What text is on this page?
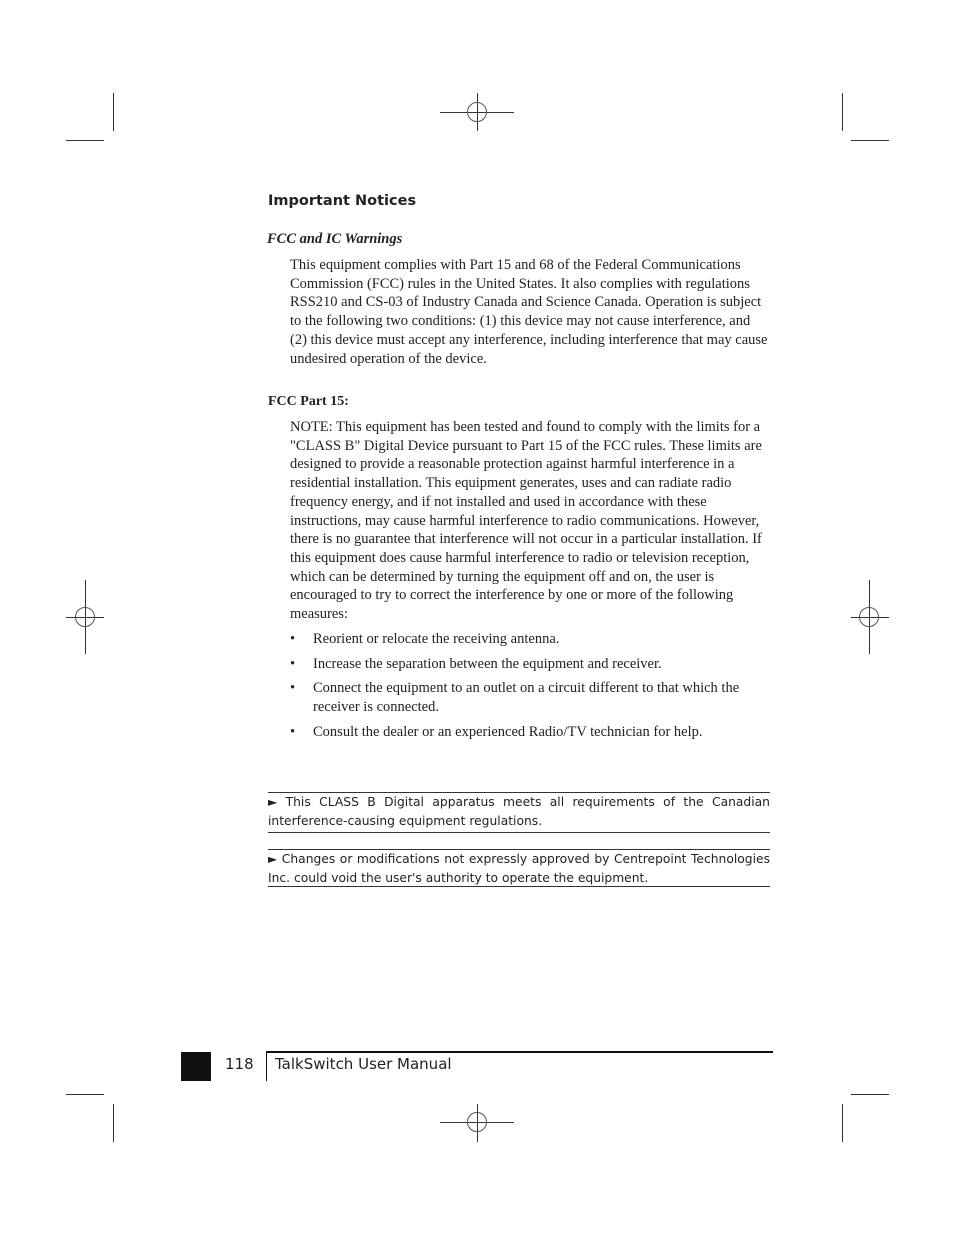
Important Notices
FCC and IC Warnings

This equipment complies with Part 15 and 68 of the Federal Communications Commission (FCC) rules in the United States. It also complies with regulations RSS210 and CS-03 of Industry Canada and Science Canada. Operation is subject to the following two conditions: (1) this device may not cause interference, and (2) this device must accept any interference, including interference that may cause undesired operation of the device.

FCC Part 15:

NOTE: This equipment has been tested and found to comply with the limits for a "CLASS B" Digital Device pursuant to Part 15 of the FCC rules. These limits are designed to provide a reasonable protection against harmful interference in a residential installation. This equipment generates, uses and can radiate radio frequency energy, and if not installed and used in accordance with these instructions, may cause harmful interference to radio communications. However, there is no guarantee that interference will not occur in a particular installation. If this equipment does cause harmful interference to radio or television reception, which can be determined by turning the equipment off and on, the user is encouraged to try to correct the interference by one or more of the following measures:

• Reorient or relocate the receiving antenna.
• Increase the separation between the equipment and receiver.
• Connect the equipment to an outlet on a circuit different to that which the receiver is connected.
• Consult the dealer or an experienced Radio/TV technician for help.
► This CLASS B Digital apparatus meets all requirements of the Canadian interference-causing equipment regulations.
► Changes or modifications not expressly approved by Centrepoint Technologies Inc. could void the user's authority to operate the equipment.
118 TalkSwitch User Manual
